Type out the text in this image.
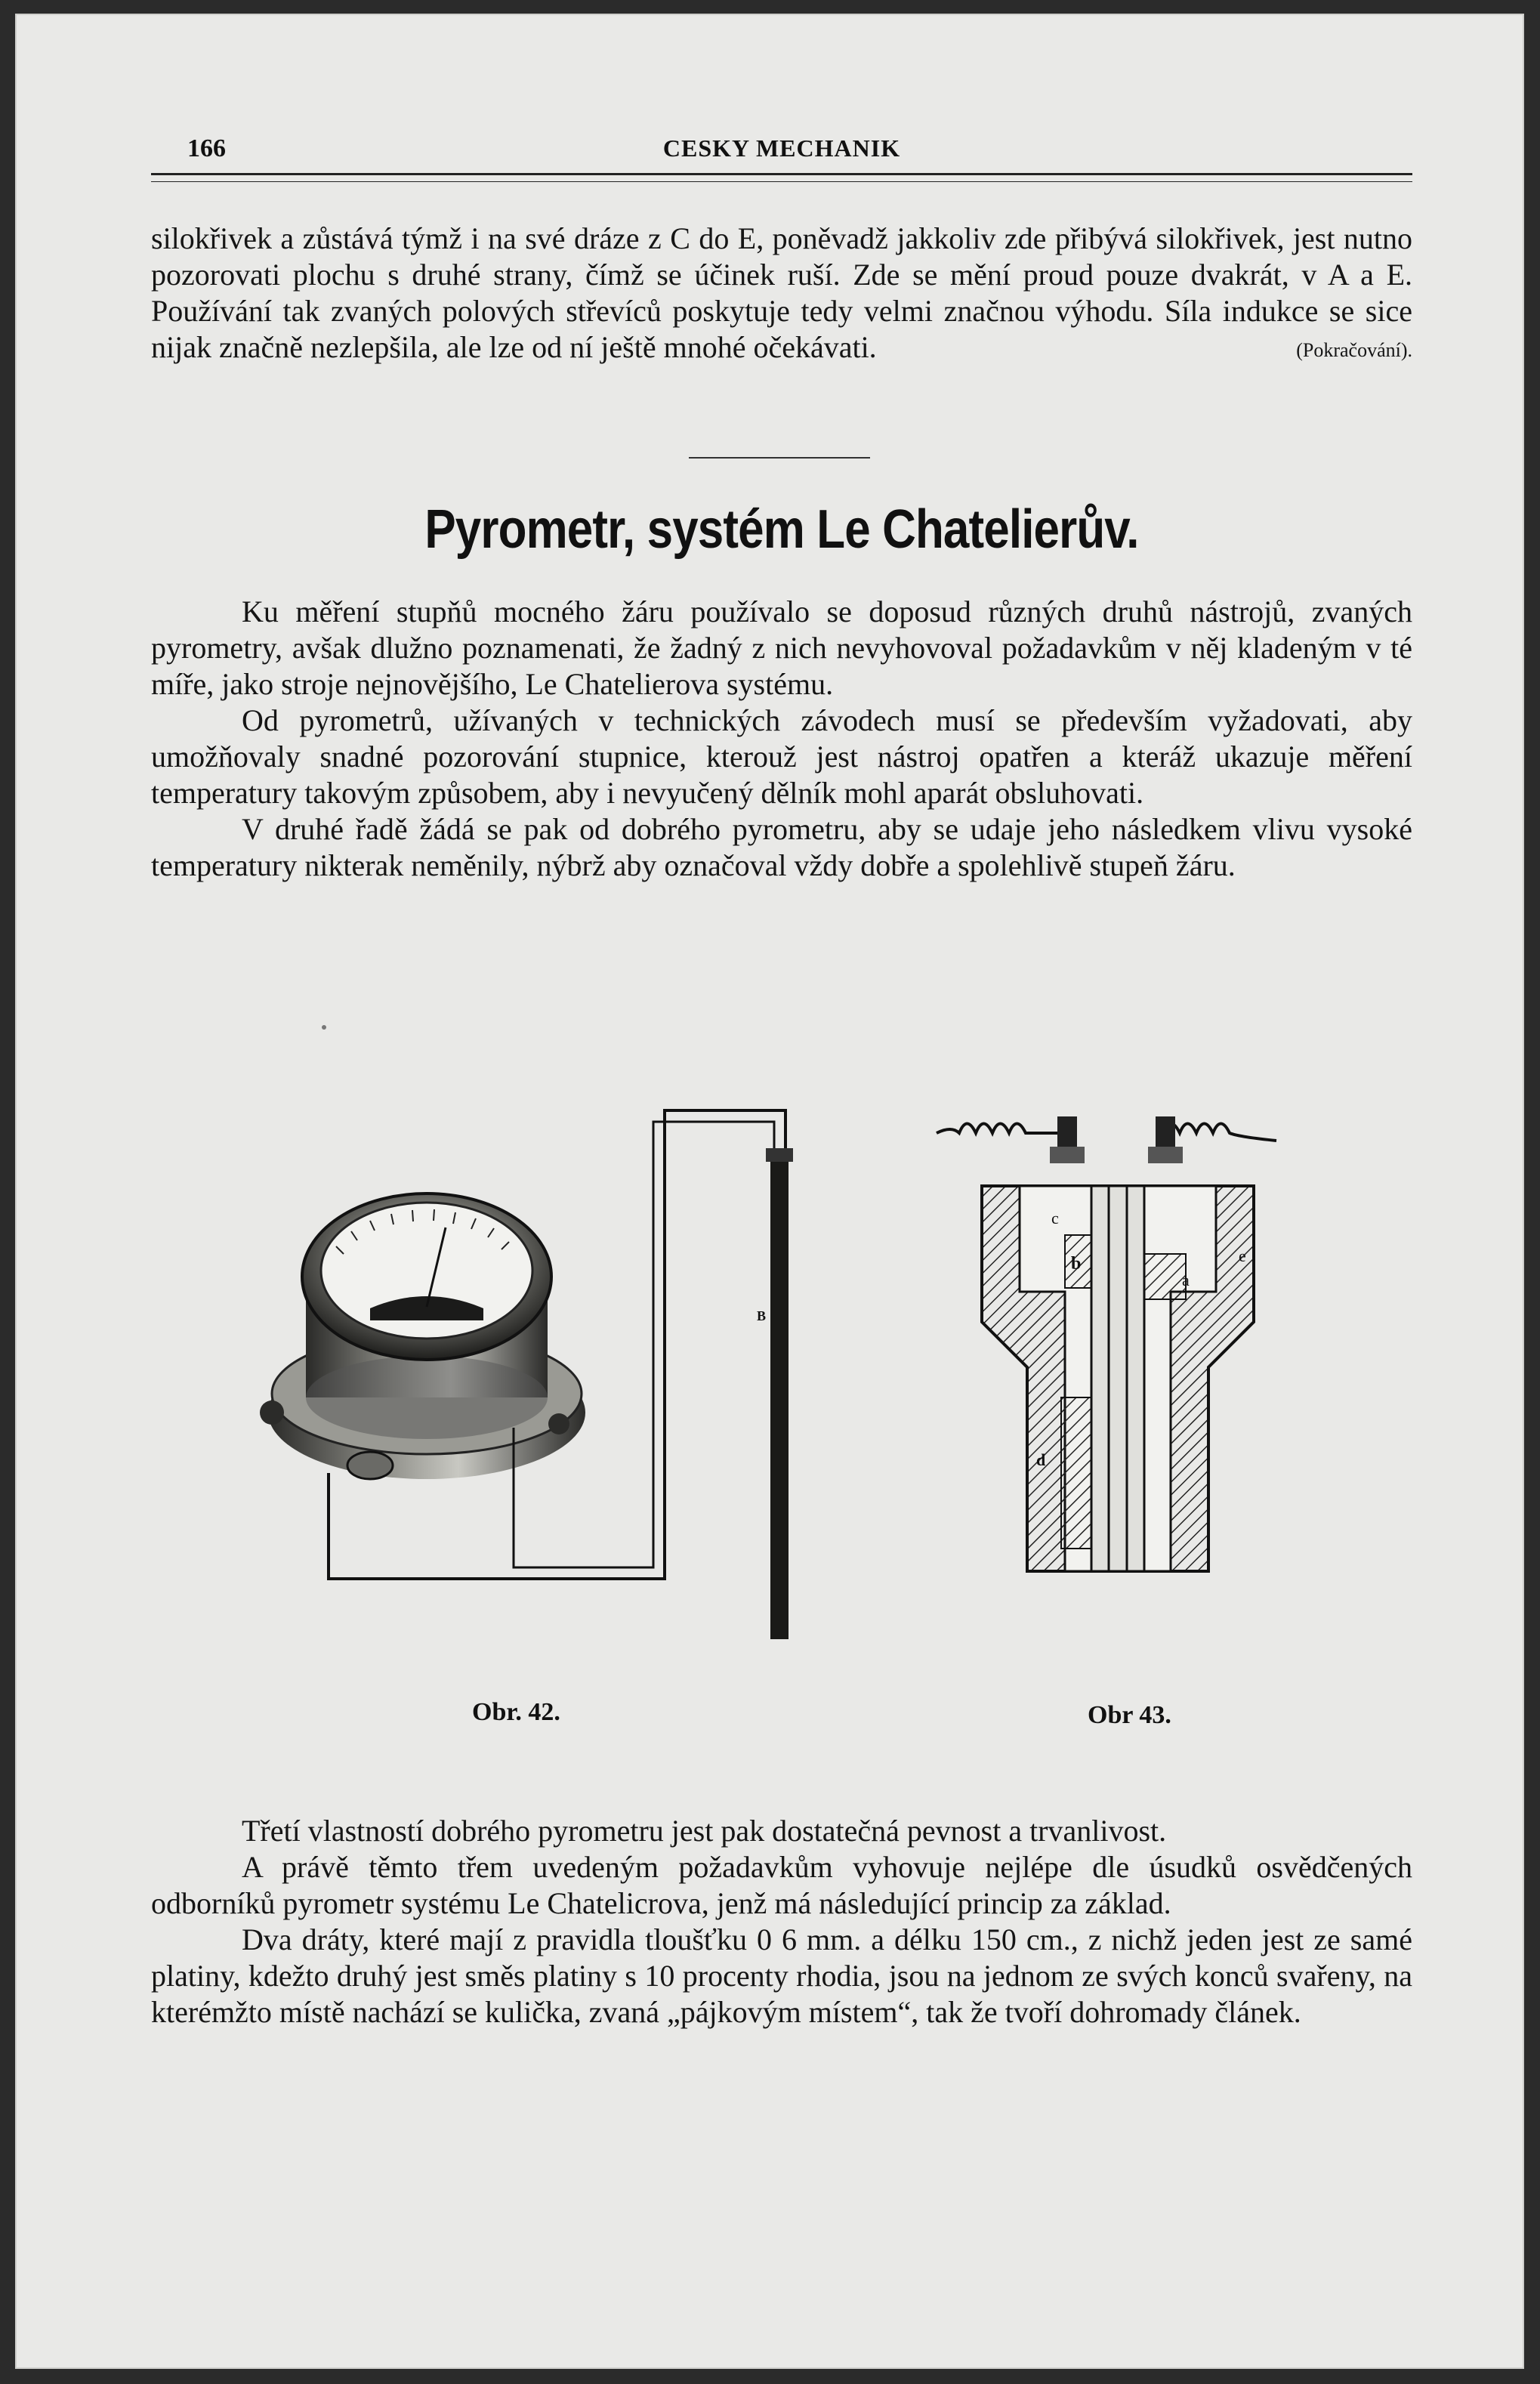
166	CESKY MECHANIK

silokřivek a zůstává týmž i na své dráze z C do E, poněvadž jakkoliv zde přibývá silokřivek, jest nutno pozorovati plochu s druhé strany, čímž se účinek ruší. Zde se mění proud pouze dvakrát, v A a E. Používání tak zvaných polových střevíců poskytuje tedy velmi značnou výhodu. Síla indukce se sice nijak značně nezlepšila, ale lze od ní ještě mnohé očekávati.	(Pokračování).

Pyrometr, systém Le Chatelierův.

Ku měření stupňů mocného žáru používalo se doposud různých druhů nástrojů, zvaných pyrometry, avšak dlužno poznamenati, že žadný z nich nevyhovoval požadavkům v něj kladeným v té míře, jako stroje nejnovějšího, Le Chatelierova systému.

Od pyrometrů, užívaných v technických závodech musí se především vyžadovati, aby umožňovaly snadné pozorování stupnice, kterouž jest nástroj opatřen a kteráž ukazuje měření temperatury takovým způsobem, aby i nevyučený dělník mohl aparát obsluhovati.

V druhé řadě žádá se pak od dobrého pyrometru, aby se udaje jeho následkem vlivu vysoké temperatury nikterak neměnily, nýbrž aby označoval vždy dobře a spolehlivě stupeň žáru.

B
Obr. 42.
c
b
a
e
d
Obr 43.

Třetí vlastností dobrého pyrometru jest pak dostatečná pevnost a trvanlivost.

A právě těmto třem uvedeným požadavkům vyhovuje nejlépe dle úsudků osvědčených odborníků pyrometr systému Le Chatelicrova, jenž má následující princip za základ.

Dva dráty, které mají z pravidla tloušťku 0 6 mm. a délku 150 cm., z nichž jeden jest ze samé platiny, kdežto druhý jest směs platiny s 10 procenty rhodia, jsou na jednom ze svých konců svařeny, na kterémžto místě nachází se kulička, zvaná „pájkovým místem“, tak že tvoří dohromady článek.
